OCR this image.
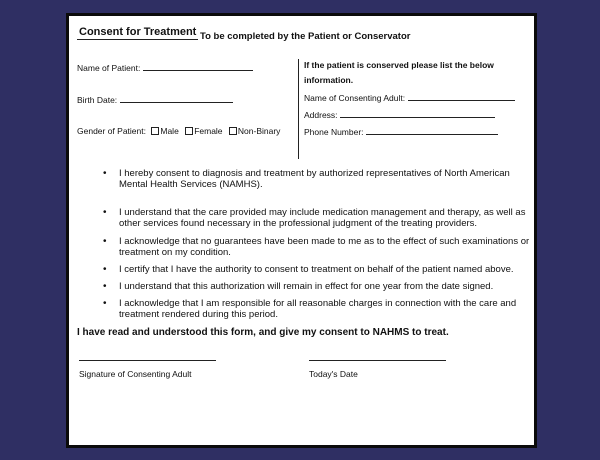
Consent for Treatment To be completed by the Patient or Conservator
Name of Patient:
Birth Date:
Gender of Patient: Male Female Non-Binary
If the patient is conserved please list the below
information.
Name of Consenting Adult:
Address:
Phone Number:
•	I hereby consent to diagnosis and treatment by authorized representatives of North American Mental Health Services (NAMHS).
•	I understand that the care provided may include medication management and therapy, as well as other services found necessary in the professional judgment of the treating providers.
•	I acknowledge that no guarantees have been made to me as to the effect of such examinations or treatment on my condition.
•	I certify that I have the authority to consent to treatment on behalf of the patient named above.
•	I understand that this authorization will remain in effect for one year from the date signed.
•	I acknowledge that I am responsible for all reasonable charges in connection with the care and treatment rendered during this period.
I have read and understood this form, and give my consent to NAHMS to treat.
Signature of Consenting Adult	Today's Date
